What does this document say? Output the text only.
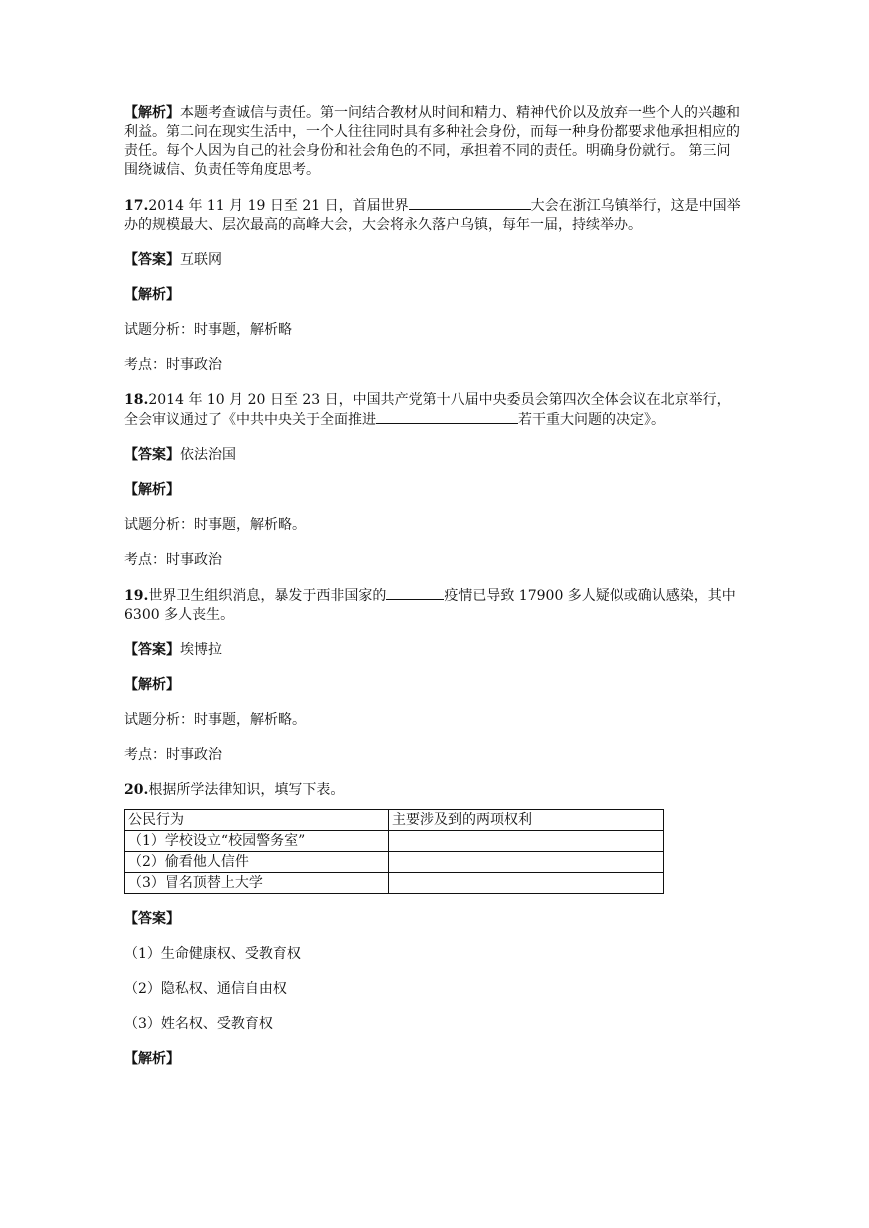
【解析】本题考查诚信与责任。第一问结合教材从时间和精力、精神代价以及放弃一些个人的兴趣和利益。第二问在现实生活中，一个人往往同时具有多种社会身份，而每一种身份都要求他承担相应的责任。每个人因为自己的社会身份和社会角色的不同，承担着不同的责任。明确身份就行。 第三问围绕诚信、负责任等角度思考。

17.2014 年 11 月 19 日至 21 日，首届世界	大会在浙江乌镇举行，这是中国举办的规模最大、层次最高的高峰大会，大会将永久落户乌镇，每年一届，持续举办。

【答案】互联网

【解析】

试题分析：时事题，解析略

考点：时事政治

18.2014 年 10 月 20 日至 23 日，中国共产党第十八届中央委员会第四次全体会议在北京举行，全会审议通过了《中共中央关于全面推进	若干重大问题的决定》。

【答案】依法治国

【解析】

试题分析：时事题，解析略。

考点：时事政治

19.世界卫生组织消息，暴发于西非国家的	疫情已导致 17900 多人疑似或确认感染，其中 6300 多人丧生。

【答案】埃博拉

【解析】

试题分析：时事题，解析略。

考点：时事政治

20.根据所学法律知识，填写下表。

公民行为	主要涉及到的两项权利
（1）学校设立“校园警务室”	
（2）偷看他人信件	
（3）冒名顶替上大学	

【答案】

（1）生命健康权、受教育权

（2）隐私权、通信自由权

（3）姓名权、受教育权

【解析】
